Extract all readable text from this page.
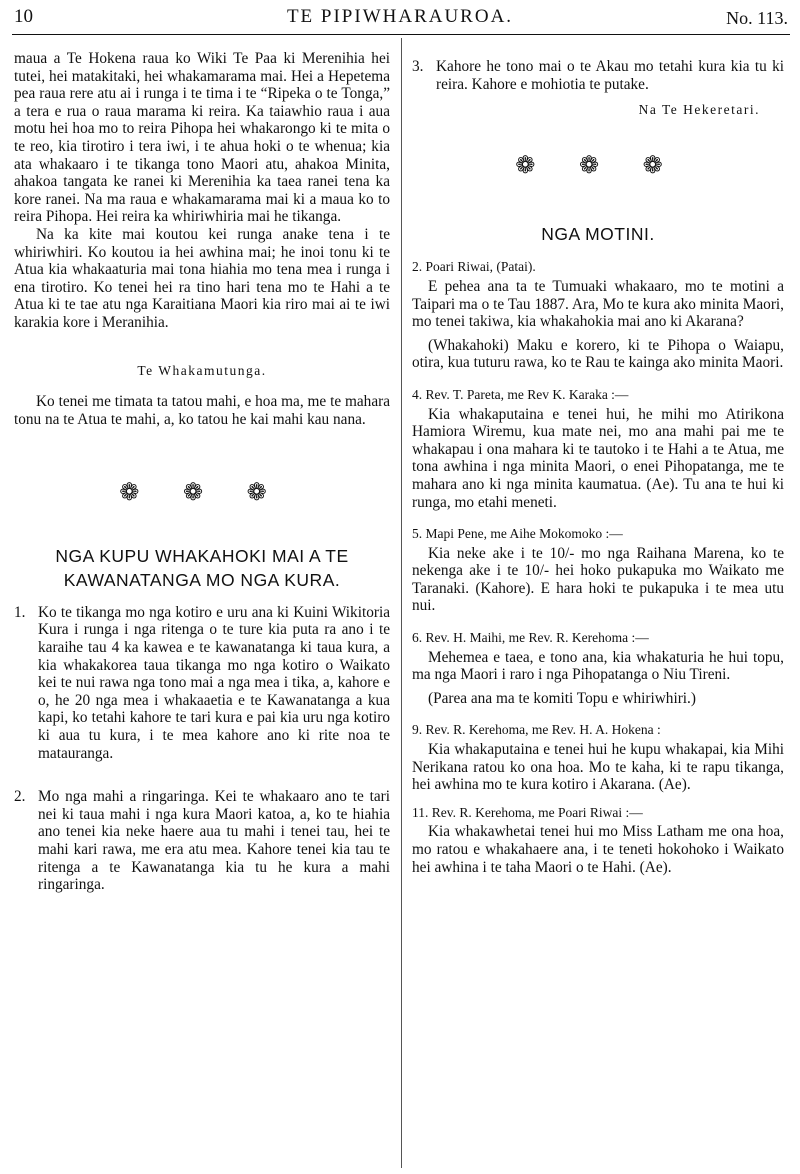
10	TE PIPIWHARAUROA.	No. 113.

maua a Te Hokena raua ko Wiki Te Paa ki Merenihia hei tutei, hei matakitaki, hei whakamarama mai. Hei a Hepetema pea raua rere atu ai i runga i te tima i te “Ripeka o te Tonga,” a tera e rua o raua marama ki reira. Ka taiawhio raua i aua motu hei hoa mo to reira Pihopa hei whakarongo ki te mita o te reo, kia tirotiro i tera iwi, i te ahua hoki o te whenua; kia ata whakaaro i te tikanga tono Maori atu, ahakoa Minita, ahakoa tangata ke ranei ki Merenihia ka taea ranei tena ka kore ranei. Na ma raua e whakamarama mai ki a maua ko to reira Pihopa. Hei reira ka whiriwhiria mai he tikanga.

Na ka kite mai koutou kei runga anake tena i te whiriwhiri. Ko koutou ia hei awhina mai; he inoi tonu ki te Atua kia whakaaturia mai tona hiahia mo tena mea i runga i ena tirotiro. Ko tenei hei ra tino hari tena mo te Hahi a te Atua ki te tae atu nga Karaitiana Maori kia riro mai ai te iwi karakia kore i Meranihia.

Te Whakamutunga.

Ko tenei me timata ta tatou mahi, e hoa ma, me te mahara tonu na te Atua te mahi, a, ko tatou he kai mahi kau nana.

❁ ❁ ❁

NGA KUPU WHAKAHOKI MAI A TE

KAWANATANGA MO NGA KURA.

1. Ko te tikanga mo nga kotiro e uru ana ki Kuini Wikitoria Kura i runga i nga ritenga o te ture kia puta ra ano i te karaihe tau 4 ka kawea e te kawanatanga ki taua kura, a kia whakakorea taua tikanga mo nga kotiro o Waikato kei te nui rawa nga tono mai a nga mea i tika, a, kahore e o, he 20 nga mea i whakaaetia e te Kawanatanga a kua kapi, ko tetahi kahore te tari kura e pai kia uru nga kotiro ki aua tu kura, i te mea kahore ano ki rite noa te matauranga.
2. Mo nga mahi a ringaringa. Kei te whakaaro ano te tari nei ki taua mahi i nga kura Maori katoa, a, ko te hiahia ano tenei kia neke haere aua tu mahi i tenei tau, hei te mahi kari rawa, me era atu mea. Kahore tenei kia tau te ritenga a te Kawanatanga kia tu he kura a mahi ringaringa.
3. Kahore he tono mai o te Akau mo tetahi kura kia tu ki reira. Kahore e mohiotia te putake.

Na Te Hekeretari.

❁ ❁ ❁

NGA MOTINI.

2. Poari Riwai, (Patai).

E pehea ana ta te Tumuaki whakaaro, mo te motini a Taipari ma o te Tau 1887. Ara, Mo te kura ako minita Maori, mo tenei takiwa, kia whakahokia mai ano ki Akarana?

(Whakahoki) Maku e korero, ki te Pihopa o Waiapu, otira, kua tuturu rawa, ko te Rau te kainga ako minita Maori.

4. Rev. T. Pareta, me Rev K. Karaka :—

Kia whakaputaina e tenei hui, he mihi mo Atirikona Hamiora Wiremu, kua mate nei, mo ana mahi pai me te whakapau i ona mahara ki te tautoko i te Hahi a te Atua, me tona awhina i nga minita Maori, o enei Pihopatanga, me te mahara ano ki nga minita kaumatua. (Ae). Tu ana te hui ki runga, mo etahi meneti.

5. Mapi Pene, me Aihe Mokomoko :—

Kia neke ake i te 10/- mo nga Raihana Marena, ko te nekenga ake i te 10/- hei hoko pukapuka mo Waikato me Taranaki. (Kahore). E hara hoki te pukapuka i te mea utu nui.

6. Rev. H. Maihi, me Rev. R. Kerehoma :—

Mehemea e taea, e tono ana, kia whakaturia he hui topu, ma nga Maori i raro i nga Pihopatanga o Niu Tireni.

(Parea ana ma te komiti Topu e whiriwhiri.)

9. Rev. R. Kerehoma, me Rev. H. A. Hokena :

Kia whakaputaina e tenei hui he kupu whakapai, kia Mihi Nerikana ratou ko ona hoa. Mo te kaha, ki te rapu tikanga, hei awhina mo te kura kotiro i Akarana. (Ae).

11. Rev. R. Kerehoma, me Poari Riwai :—

Kia whakawhetai tenei hui mo Miss Latham me ona hoa, mo ratou e whakahaere ana, i te teneti hokohoko i Waikato hei awhina i te taha Maori o te Hahi. (Ae).
